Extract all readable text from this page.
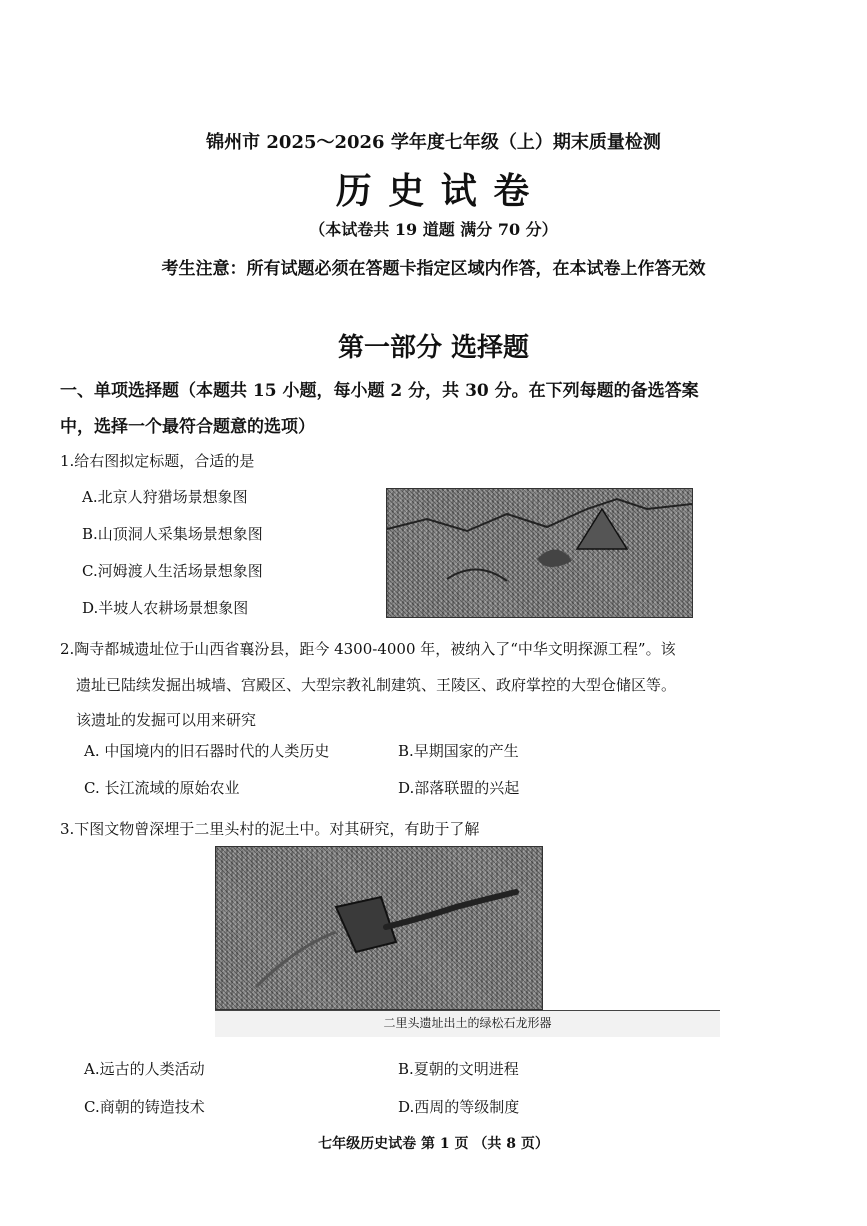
锦州市 2025～2026 学年度七年级（上）期末质量检测
历 史 试 卷
（本试卷共 19 道题 满分 70 分）
考生注意：所有试题必须在答题卡指定区域内作答，在本试卷上作答无效
第一部分 选择题
一、单项选择题（本题共 15 小题，每小题 2 分，共 30 分。在下列每题的备选答案
中，选择一个最符合题意的选项）
1.给右图拟定标题，合适的是
A.北京人狩猎场景想象图
B.山顶洞人采集场景想象图
C.河姆渡人生活场景想象图
D.半坡人农耕场景想象图
2.陶寺都城遗址位于山西省襄汾县，距今 4300-4000 年，被纳入了“中华文明探源工程”。该
遗址已陆续发掘出城墙、宫殿区、大型宗教礼制建筑、王陵区、政府掌控的大型仓储区等。
该遗址的发掘可以用来研究
A. 中国境内的旧石器时代的人类历史	B.早期国家的产生
C. 长江流域的原始农业	D.部落联盟的兴起
3.下图文物曾深埋于二里头村的泥土中。对其研究，有助于了解
二里头遗址出土的绿松石龙形器
A.远古的人类活动	B.夏朝的文明进程
C.商朝的铸造技术	D.西周的等级制度
七年级历史试卷 第 1 页 （共 8 页）
